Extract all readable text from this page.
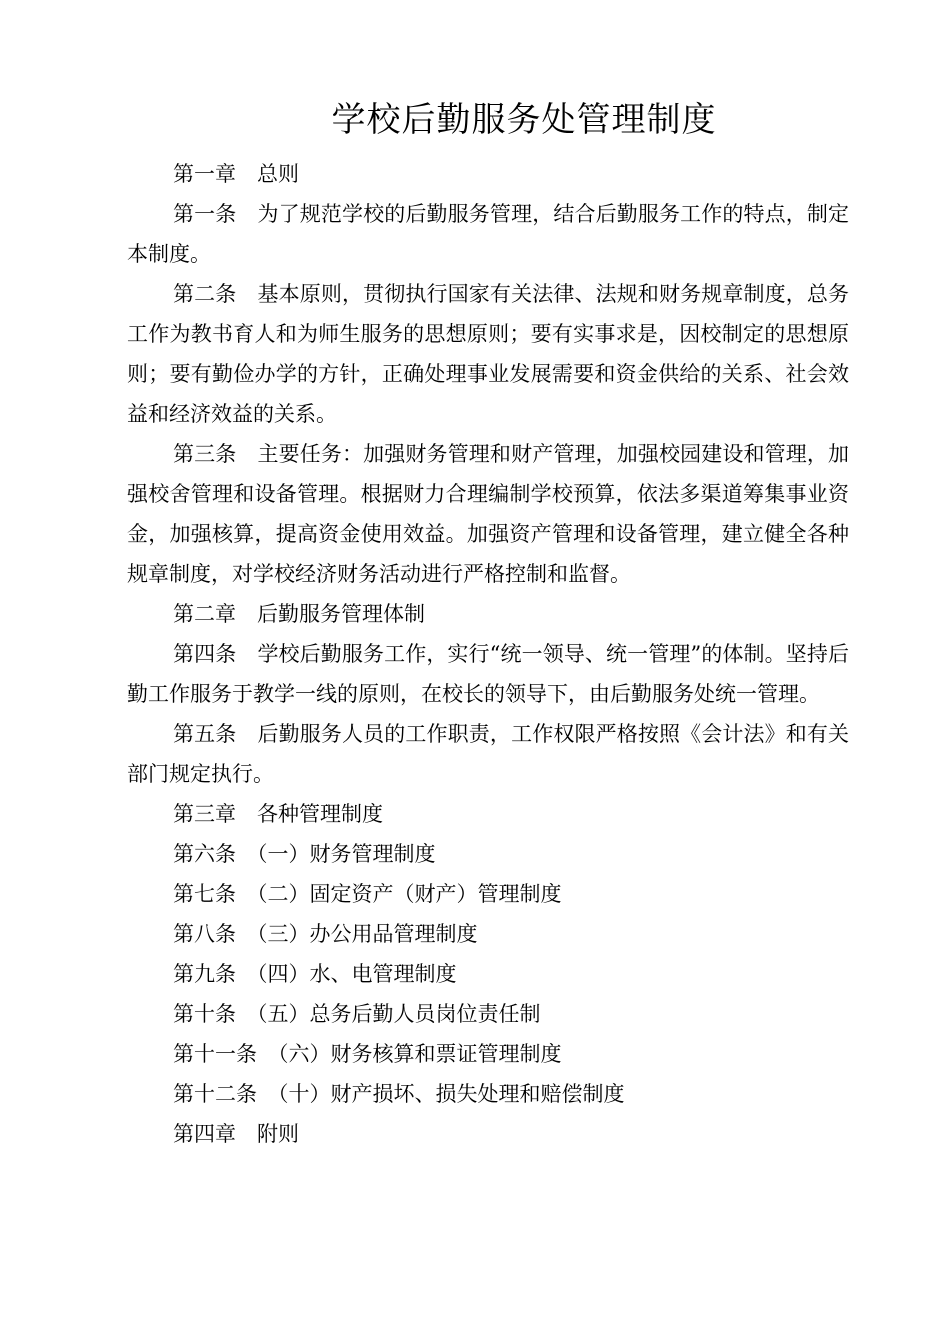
学校后勤服务处管理制度

第一章　总则

第一条　为了规范学校的后勤服务管理，结合后勤服务工作的特点，制定本制度。

第二条　基本原则，贯彻执行国家有关法律、法规和财务规章制度，总务工作为教书育人和为师生服务的思想原则；要有实事求是，因校制定的思想原则；要有勤俭办学的方针，正确处理事业发展需要和资金供给的关系、社会效益和经济效益的关系。

第三条　主要任务：加强财务管理和财产管理，加强校园建设和管理，加强校舍管理和设备管理。根据财力合理编制学校预算，依法多渠道筹集事业资金，加强核算，提高资金使用效益。加强资产管理和设备管理，建立健全各种规章制度，对学校经济财务活动进行严格控制和监督。

第二章　后勤服务管理体制

第四条　学校后勤服务工作，实行“统一领导、统一管理”的体制。坚持后勤工作服务于教学一线的原则，在校长的领导下，由后勤服务处统一管理。

第五条　后勤服务人员的工作职责，工作权限严格按照《会计法》和有关部门规定执行。

第三章　各种管理制度

第六条　（一）财务管理制度

第七条　（二）固定资产（财产）管理制度

第八条　（三）办公用品管理制度

第九条　（四）水、电管理制度

第十条　（五）总务后勤人员岗位责任制

第十一条　（六）财务核算和票证管理制度

第十二条　（十）财产损坏、损失处理和赔偿制度

第四章　附则
